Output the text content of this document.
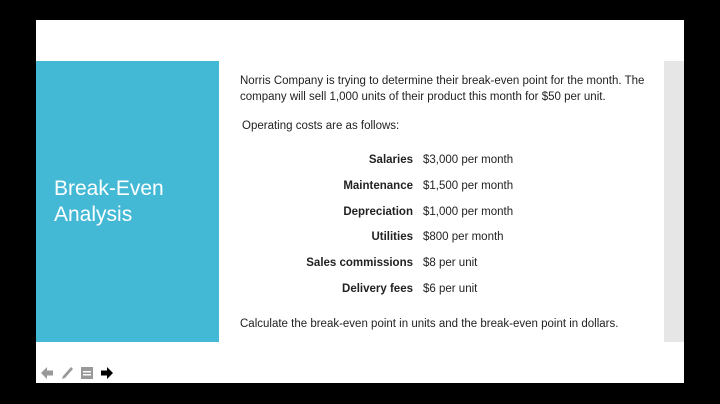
Break-Even
Analysis
Norris Company is trying to determine their break-even point for the month. The
company will sell 1,000 units of their product this month for $50 per unit.
Operating costs are as follows:
Salaries $3,000 per month
Maintenance $1,500 per month
Depreciation $1,000 per month
Utilities $800 per month
Sales commissions $8 per unit
Delivery fees $6 per unit
Calculate the break-even point in units and the break-even point in dollars.
